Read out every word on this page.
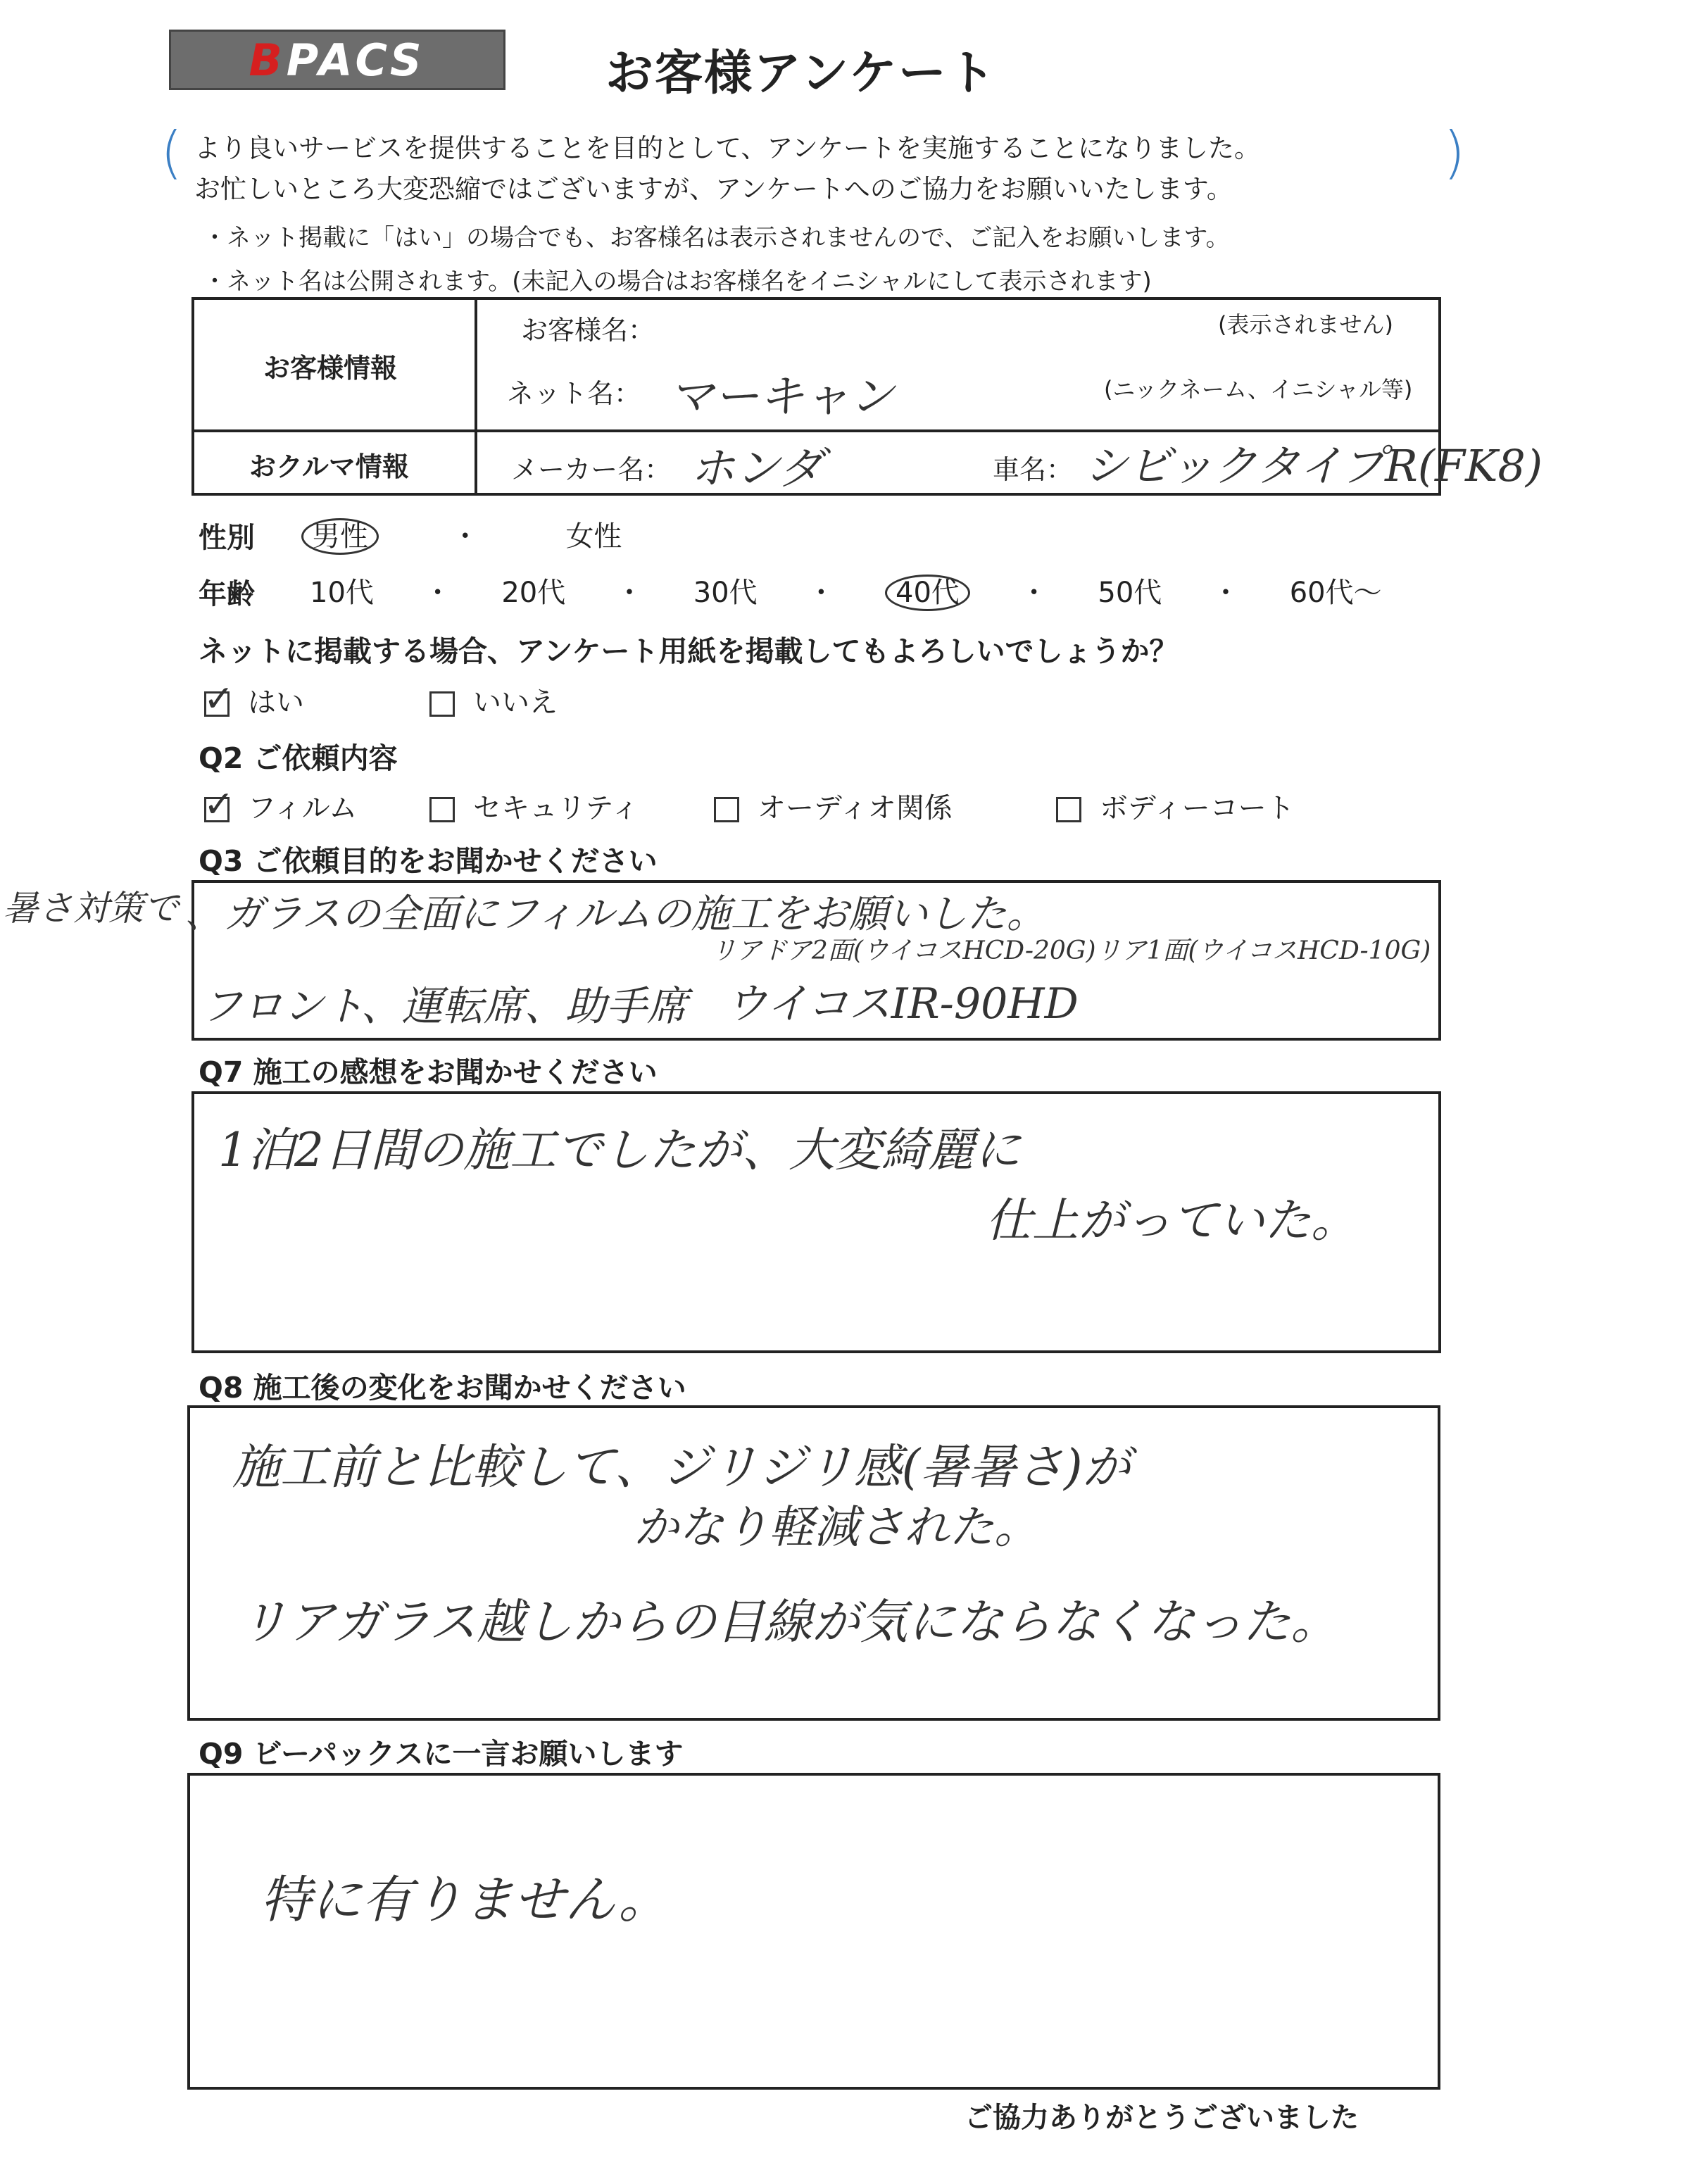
BPACS	お客様アンケート
(	)
より良いサービスを提供することを目的として、アンケートを実施することになりました。
お忙しいところ大変恐縮ではございますが、アンケートへのご協力をお願いいたします。
・ネット掲載に「はい」の場合でも、お客様名は表示されませんので、ご記入をお願いします。
・ネット名は公開されます。(未記入の場合はお客様名をイニシャルにして表示されます)
お客様情報
お客様名：	(表示されません)
ネット名： マーキャン	(ニックネーム、イニシャル等)
おクルマ情報	メーカー名： ホンダ	車名： シビックタイプR(FK8)
性別	男性	・	女性
年齢 10代 ・ 20代 ・ 30代 ・ 40代 ・ 50代 ・ 60代〜
ネットに掲載する場合、アンケート用紙を掲載してもよろしいでしょうか？
✓はい	いいえ
Q2 ご依頼内容
✓フィルム	セキュリティ	オーディオ関係	ボディーコート
Q3 ご依頼目的をお聞かせください
暑さ対策で 、ガラスの全面にフィルムの施工をお願いした。
リアドア2面(ウイコスHCD-20G)リア1面(ウイコスHCD-10G)
フロント、運転席、助手席 ウイコスIR-90HD
Q7 施工の感想をお聞かせください
1泊2日間の施工でしたが、大変綺麗に
仕上がっていた。
Q8 施工後の変化をお聞かせください
施工前と比較して、ジリジリ感(暑暑さ)が
かなり軽減された。
リアガラス越しからの目線が気にならなくなった。
Q9 ビーパックスに一言お願いします
特に有りません。
ご協力ありがとうございました
